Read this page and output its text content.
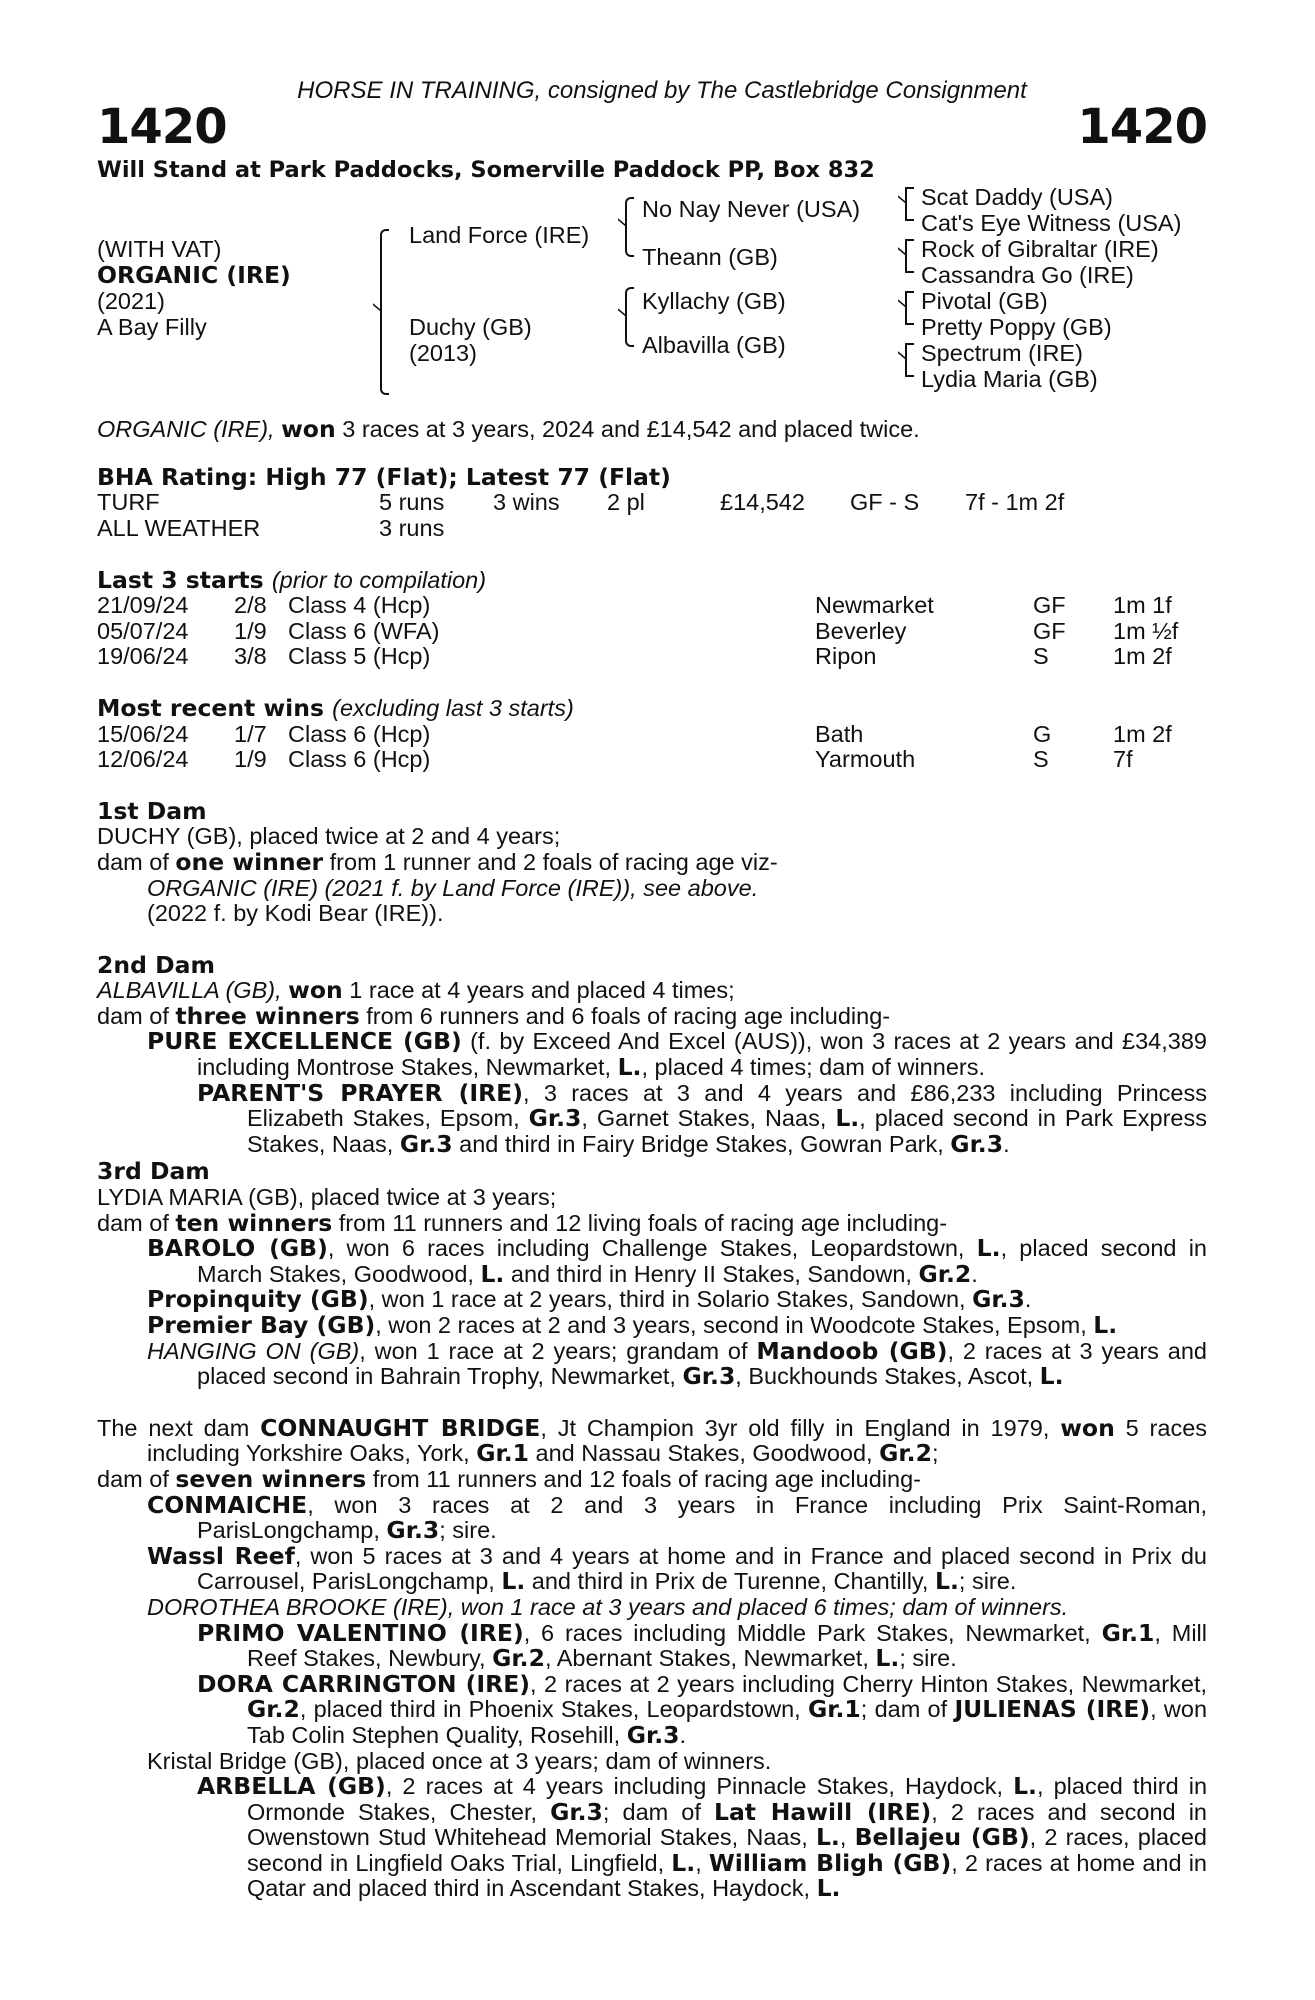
HORSE IN TRAINING, consigned by The Castlebridge Consignment
1420	1420
Will Stand at Park Paddocks, Somerville Paddock PP, Box 832
(WITH VAT)
ORGANIC (IRE)
(2021)
A Bay Filly
Land Force (IRE)
Duchy (GB)
(2013)
No Nay Never (USA)
Theann (GB)
Kyllachy (GB)
Albavilla (GB)
Scat Daddy (USA)
Cat's Eye Witness (USA)
Rock of Gibraltar (IRE)
Cassandra Go (IRE)
Pivotal (GB)
Pretty Poppy (GB)
Spectrum (IRE)
Lydia Maria (GB)

ORGANIC (IRE), won 3 races at 3 years, 2024 and £14,542 and placed twice.

BHA Rating: High 77 (Flat); Latest 77 (Flat)
TURF	5 runs	3 wins	2 pl	£14,542	GF - S	7f - 1m 2f
ALL WEATHER	3 runs					
Last 3 starts (prior to compilation)
21/09/24	2/8	Class 4 (Hcp)	Newmarket	GF	1m 1f
05/07/24	1/9	Class 6 (WFA)	Beverley	GF	1m ½f
19/06/24	3/8	Class 5 (Hcp)	Ripon	S	1m 2f
Most recent wins (excluding last 3 starts)
15/06/24	1/7	Class 6 (Hcp)	Bath	G	1m 2f
12/06/24	1/9	Class 6 (Hcp)	Yarmouth	S	7f
1st Dam

DUCHY (GB), placed twice at 2 and 4 years;

dam of one winner from 1 runner and 2 foals of racing age viz-

ORGANIC (IRE) (2021 f. by Land Force (IRE)), see above.

(2022 f. by Kodi Bear (IRE)).

2nd Dam

ALBAVILLA (GB), won 1 race at 4 years and placed 4 times;

dam of three winners from 6 runners and 6 foals of racing age including-

PURE EXCELLENCE (GB) (f. by Exceed And Excel (AUS)), won 3 races at 2 years and £34,389 including Montrose Stakes, Newmarket, L., placed 4 times; dam of winners.

PARENT'S PRAYER (IRE), 3 races at 3 and 4 years and £86,233 including Princess Elizabeth Stakes, Epsom, Gr.3, Garnet Stakes, Naas, L., placed second in Park Express Stakes, Naas, Gr.3 and third in Fairy Bridge Stakes, Gowran Park, Gr.3.

3rd Dam

LYDIA MARIA (GB), placed twice at 3 years;

dam of ten winners from 11 runners and 12 living foals of racing age including-

BAROLO (GB), won 6 races including Challenge Stakes, Leopardstown, L., placed second in March Stakes, Goodwood, L. and third in Henry II Stakes, Sandown, Gr.2.

Propinquity (GB), won 1 race at 2 years, third in Solario Stakes, Sandown, Gr.3.

Premier Bay (GB), won 2 races at 2 and 3 years, second in Woodcote Stakes, Epsom, L.

HANGING ON (GB), won 1 race at 2 years; grandam of Mandoob (GB), 2 races at 3 years and placed second in Bahrain Trophy, Newmarket, Gr.3, Buckhounds Stakes, Ascot, L.

The next dam CONNAUGHT BRIDGE, Jt Champion 3yr old filly in England in 1979, won 5 races including Yorkshire Oaks, York, Gr.1 and Nassau Stakes, Goodwood, Gr.2;

dam of seven winners from 11 runners and 12 foals of racing age including-

CONMAICHE, won 3 races at 2 and 3 years in France including Prix Saint-Roman, ParisLongchamp, Gr.3; sire.

Wassl Reef, won 5 races at 3 and 4 years at home and in France and placed second in Prix du Carrousel, ParisLongchamp, L. and third in Prix de Turenne, Chantilly, L.; sire.

DOROTHEA BROOKE (IRE), won 1 race at 3 years and placed 6 times; dam of winners.

PRIMO VALENTINO (IRE), 6 races including Middle Park Stakes, Newmarket, Gr.1, Mill Reef Stakes, Newbury, Gr.2, Abernant Stakes, Newmarket, L.; sire.

DORA CARRINGTON (IRE), 2 races at 2 years including Cherry Hinton Stakes, Newmarket, Gr.2, placed third in Phoenix Stakes, Leopardstown, Gr.1; dam of JULIENAS (IRE), won Tab Colin Stephen Quality, Rosehill, Gr.3.

Kristal Bridge (GB), placed once at 3 years; dam of winners.

ARBELLA (GB), 2 races at 4 years including Pinnacle Stakes, Haydock, L., placed third in Ormonde Stakes, Chester, Gr.3; dam of Lat Hawill (IRE), 2 races and second in Owenstown Stud Whitehead Memorial Stakes, Naas, L., Bellajeu (GB), 2 races, placed second in Lingfield Oaks Trial, Lingfield, L., William Bligh (GB), 2 races at home and in Qatar and placed third in Ascendant Stakes, Haydock, L.
